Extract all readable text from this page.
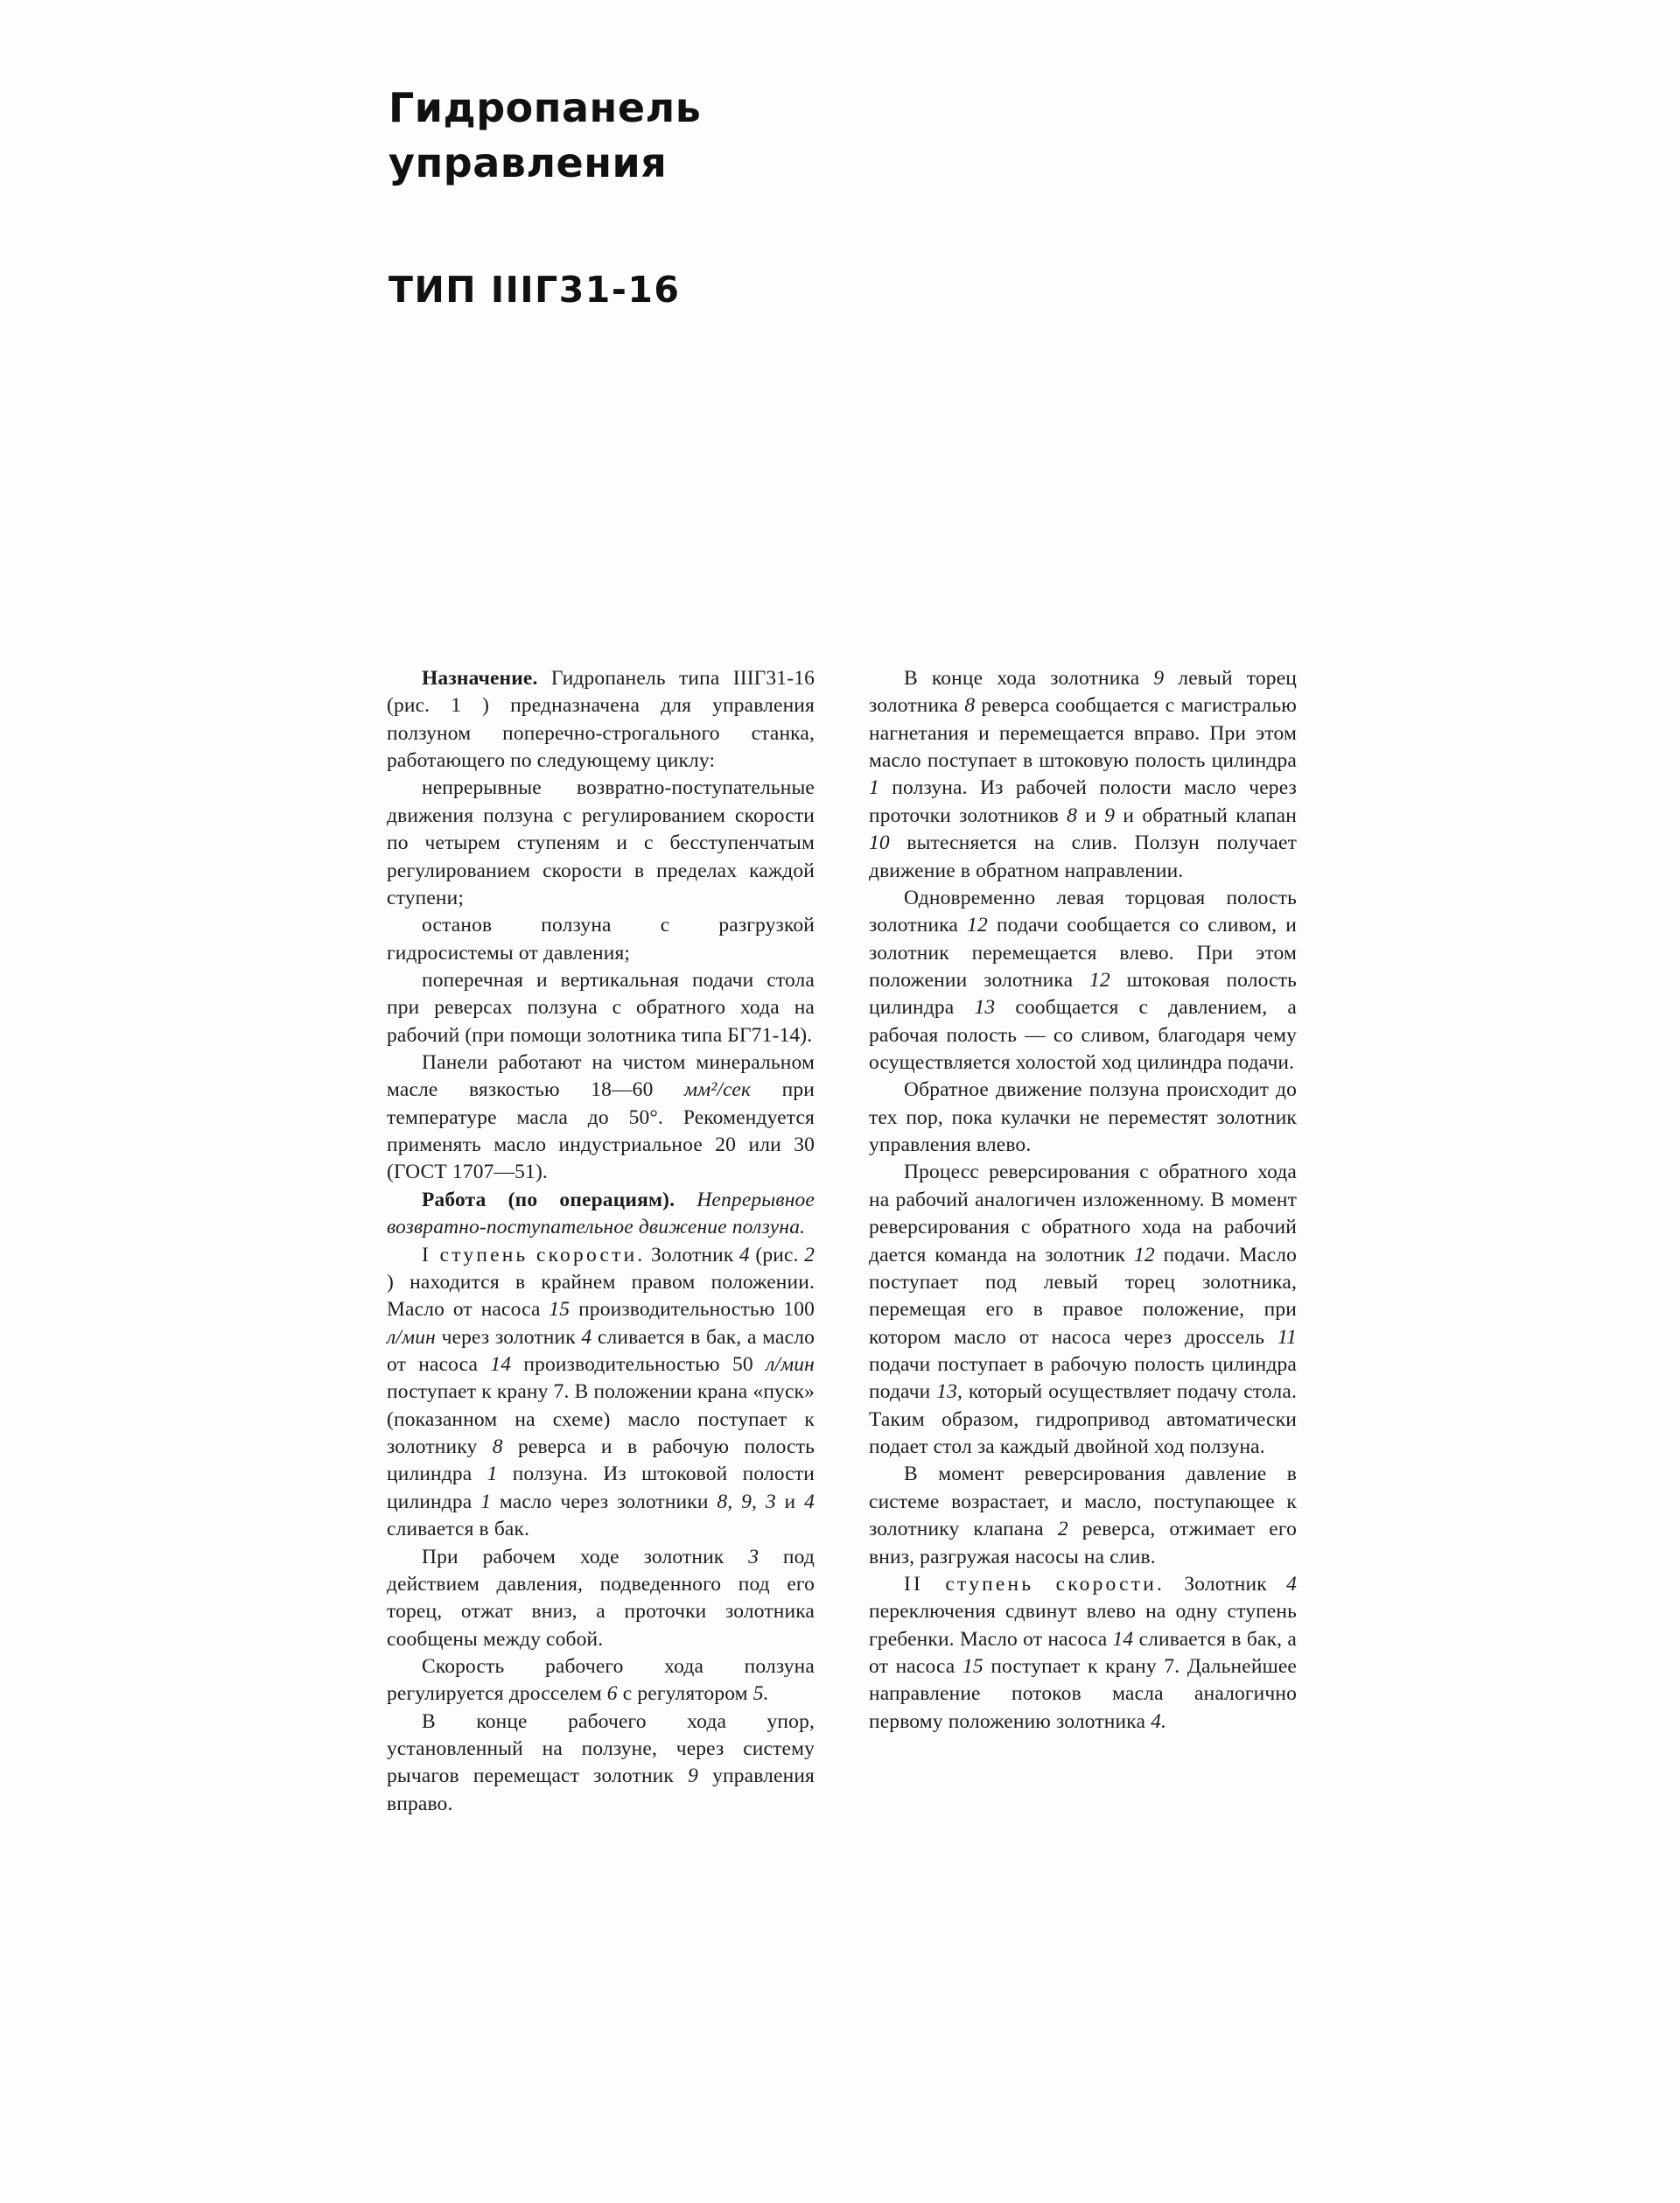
Гидропанель
управления
ТИП IIIГ31-16

Назначение. Гидропанель типа IIIГ31-16 (рис. 1 ) предназначена для управления ползуном поперечно-строгального станка, работающего по следующему циклу:

непрерывные возвратно-поступательные движения ползуна с регулированием скорости по четырем ступеням и с бесступенчатым регулированием скорости в пределах каждой ступени;

останов ползуна с разгрузкой гидросистемы от давления;

поперечная и вертикальная подачи стола при реверсах ползуна с обратного хода на рабочий (при помощи золотника типа БГ71-14).

Панели работают на чистом минеральном масле вязкостью 18—60 мм²/сек при температуре масла до 50°. Рекомендуется применять масло индустриальное 20 или 30 (ГОСТ 1707—51).

Работа (по операциям). Непрерывное возвратно-поступательное движение ползуна.

I ступень скорости. Золотник 4 (рис. 2 ) находится в крайнем правом положении. Масло от насоса 15 производительностью 100 л/мин через золотник 4 сливается в бак, а масло от насоса 14 производительностью 50 л/мин поступает к крану 7. В положении крана «пуск» (показанном на схеме) масло поступает к золотнику 8 реверса и в рабочую полость цилиндра 1 ползуна. Из штоковой полости цилиндра 1 масло через золотники 8, 9, 3 и 4 сливается в бак.

При рабочем ходе золотник 3 под действием давления, подведенного под его торец, отжат вниз, а проточки золотника сообщены между собой.

Скорость рабочего хода ползуна регулируется дросселем 6 с регулятором 5.

В конце рабочего хода упор, установленный на ползуне, через систему рычагов перемещаст золотник 9 управления вправо.

В конце хода золотника 9 левый торец золотника 8 реверса сообщается с магистралью нагнетания и перемещается вправо. При этом масло поступает в штоковую полость цилиндра 1 ползуна. Из рабочей полости масло через проточки золотников 8 и 9 и обратный клапан 10 вытесняется на слив. Ползун получает движение в обратном направлении.

Одновременно левая торцовая полость золотника 12 подачи сообщается со сливом, и золотник перемещается влево. При этом положении золотника 12 штоковая полость цилиндра 13 сообщается с давлением, а рабочая полость — со сливом, благодаря чему осуществляется холостой ход цилиндра подачи.

Обратное движение ползуна происходит до тех пор, пока кулачки не переместят золотник управления влево.

Процесс реверсирования с обратного хода на рабочий аналогичен изложенному. В момент реверсирования с обратного хода на рабочий дается команда на золотник 12 подачи. Масло поступает под левый торец золотника, перемещая его в правое положение, при котором масло от насоса через дроссель 11 подачи поступает в рабочую полость цилиндра подачи 13, который осуществляет подачу стола. Таким образом, гидропривод автоматически подает стол за каждый двойной ход ползуна.

В момент реверсирования давление в системе возрастает, и масло, поступающее к золотнику клапана 2 реверса, отжимает его вниз, разгружая насосы на слив.

II ступень скорости. Золотник 4 переключения сдвинут влево на одну ступень гребенки. Масло от насоса 14 сливается в бак, а от насоса 15 поступает к крану 7. Дальнейшее направление потоков масла аналогично первому положению золотника 4.
